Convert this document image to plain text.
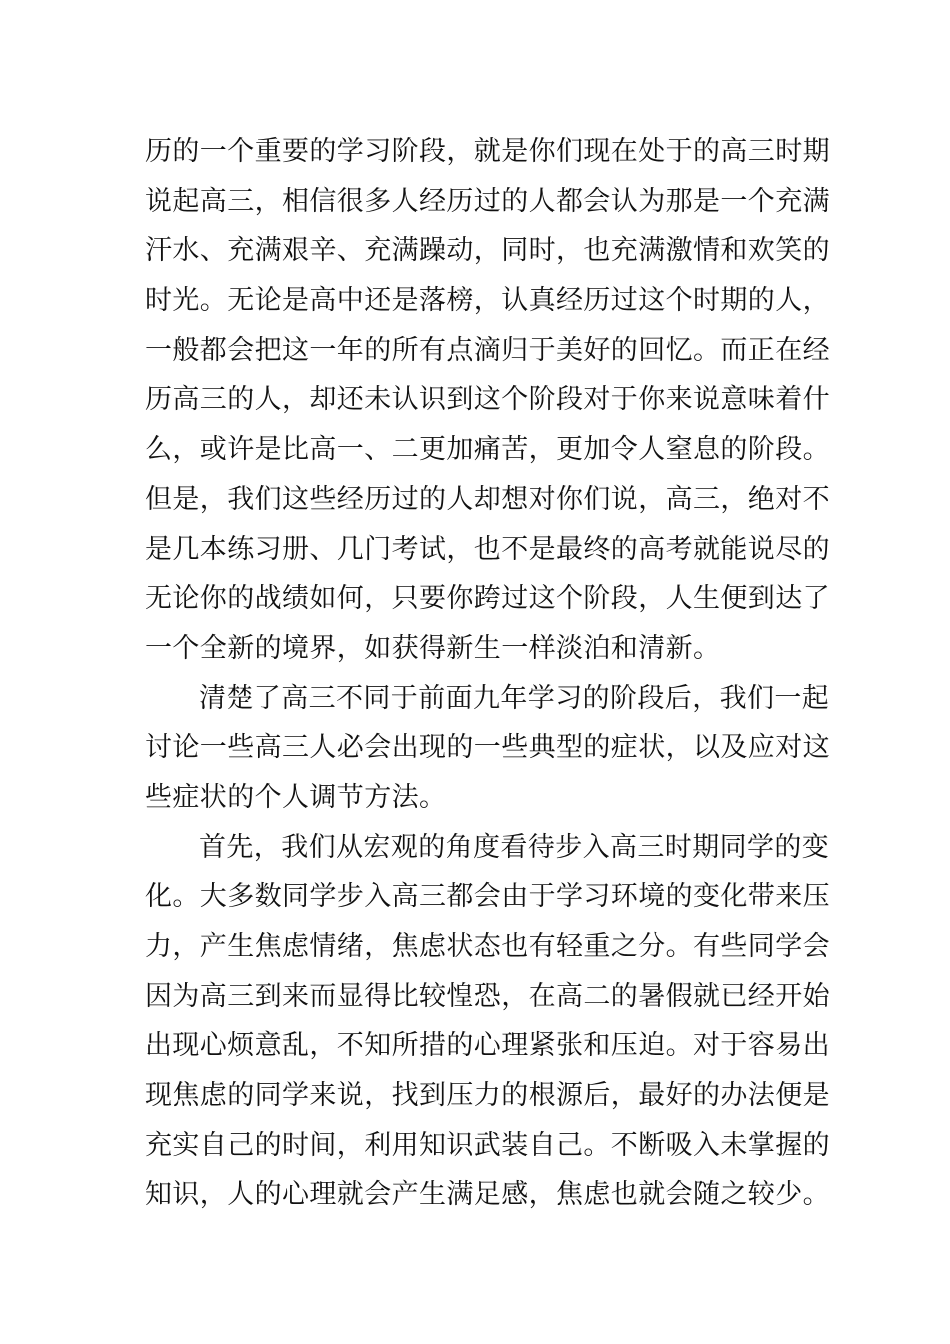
历的一个重要的学习阶段，就是你们现在处于的高三时期
说起高三，相信很多人经历过的人都会认为那是一个充满
汗水、充满艰辛、充满躁动，同时，也充满激情和欢笑的
时光。无论是高中还是落榜，认真经历过这个时期的人，
一般都会把这一年的所有点滴归于美好的回忆。而正在经
历高三的人，却还未认识到这个阶段对于你来说意味着什
么，或许是比高一、二更加痛苦，更加令人窒息的阶段。
但是，我们这些经历过的人却想对你们说，高三，绝对不
是几本练习册、几门考试，也不是最终的高考就能说尽的
无论你的战绩如何，只要你跨过这个阶段，人生便到达了
一个全新的境界，如获得新生一样淡泊和清新。
清楚了高三不同于前面九年学习的阶段后，我们一起
讨论一些高三人必会出现的一些典型的症状，以及应对这
些症状的个人调节方法。
首先，我们从宏观的角度看待步入高三时期同学的变
化。大多数同学步入高三都会由于学习环境的变化带来压
力，产生焦虑情绪，焦虑状态也有轻重之分。有些同学会
因为高三到来而显得比较惶恐，在高二的暑假就已经开始
出现心烦意乱，不知所措的心理紧张和压迫。对于容易出
现焦虑的同学来说，找到压力的根源后，最好的办法便是
充实自己的时间，利用知识武装自己。不断吸入未掌握的
知识，人的心理就会产生满足感，焦虑也就会随之较少。
